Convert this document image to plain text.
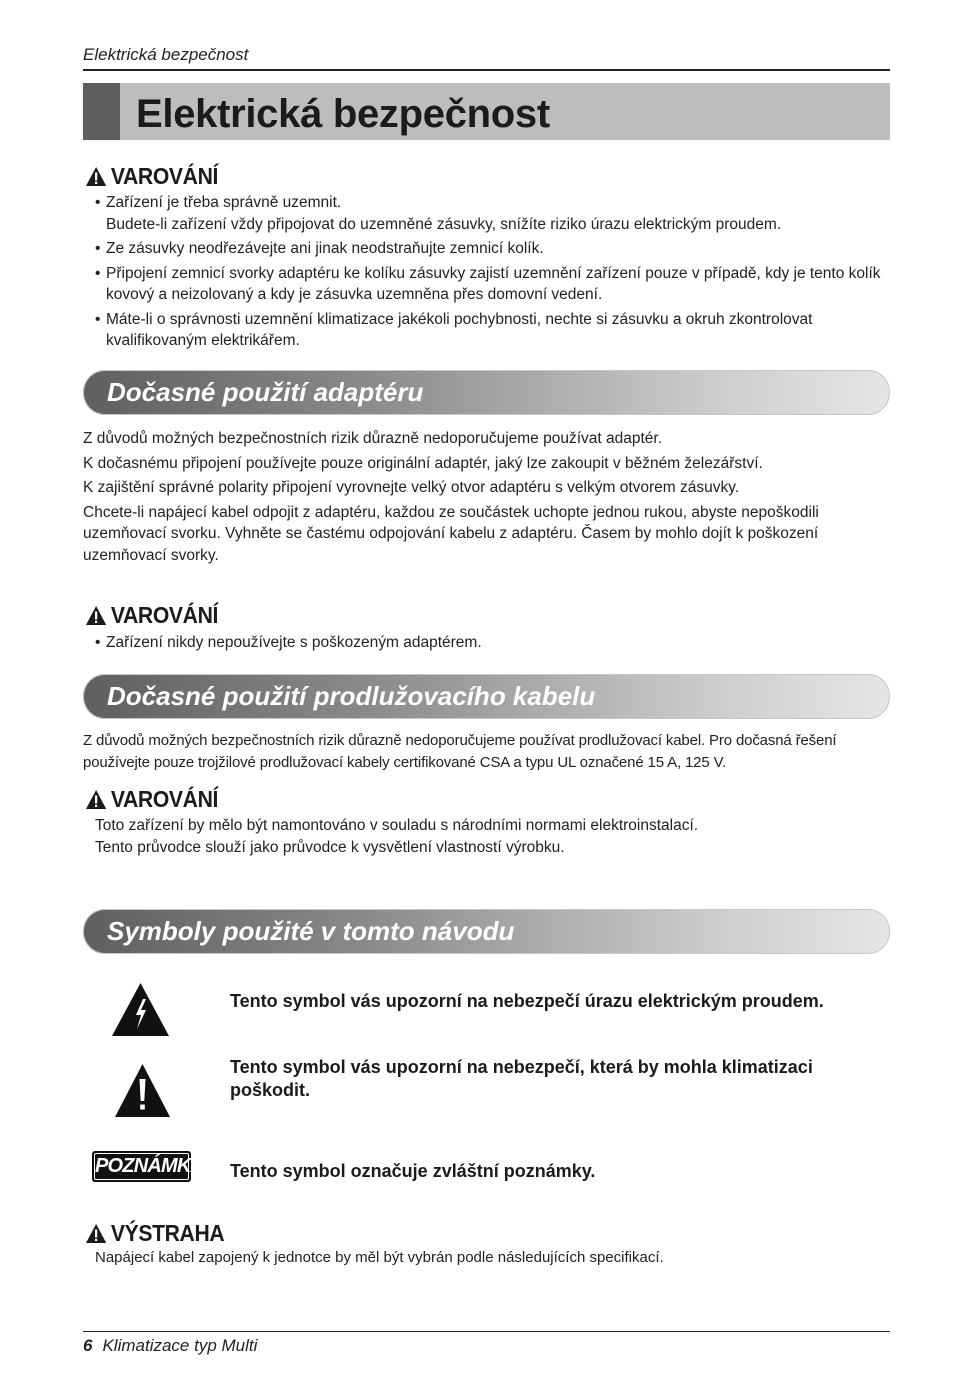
Elektrická bezpečnost
Elektrická bezpečnost
VAROVÁNÍ
• Zařízení je třeba správně uzemnit.
Budete-li zařízení vždy připojovat do uzemněné zásuvky, snížíte riziko úrazu elektrickým proudem.
• Ze zásuvky neodřezávejte ani jinak neodstraňujte zemnicí kolík.
• Připojení zemnicí svorky adaptéru ke kolíku zásuvky zajistí uzemnění zařízení pouze v případě, kdy je tento kolík kovový a neizolovaný a kdy je zásuvka uzemněna přes domovní vedení.
• Máte-li o správnosti uzemnění klimatizace jakékoli pochybnosti, nechte si zásuvku a okruh zkontrolovat kvalifikovaným elektrikářem.
Dočasné použití adaptéru

Z důvodů možných bezpečnostních rizik důrazně nedoporučujeme používat adaptér.

K dočasnému připojení používejte pouze originální adaptér, jaký lze zakoupit v běžném železářství.

K zajištění správné polarity připojení vyrovnejte velký otvor adaptéru s velkým otvorem zásuvky.

Chcete-li napájecí kabel odpojit z adaptéru, každou ze součástek uchopte jednou rukou, abyste nepoškodili uzemňovací svorku. Vyhněte se častému odpojování kabelu z adaptéru. Časem by mohlo dojít k poškození uzemňovací svorky.

VAROVÁNÍ
• Zařízení nikdy nepoužívejte s poškozeným adaptérem.
Dočasné použití prodlužovacího kabelu

Z důvodů možných bezpečnostních rizik důrazně nedoporučujeme používat prodlužovací kabel. Pro dočasná řešení používejte pouze trojžilové prodlužovací kabely certifikované CSA a typu UL označené 15 A, 125 V.

VAROVÁNÍ
Toto zařízení by mělo být namontováno v souladu s národními normami elektroinstalací.
Tento průvodce slouží jako průvodce k vysvětlení vlastností výrobku.
Symboly použité v tomto návodu
Tento symbol vás upozorní na nebezpečí úrazu elektrickým proudem.
Tento symbol vás upozorní na nebezpečí, která by mohla klimatizaci poškodit.
POZNÁMKA Tento symbol označuje zvláštní poznámky.
VÝSTRAHA
Napájecí kabel zapojený k jednotce by měl být vybrán podle následujících specifikací.
6 Klimatizace typ Multi
